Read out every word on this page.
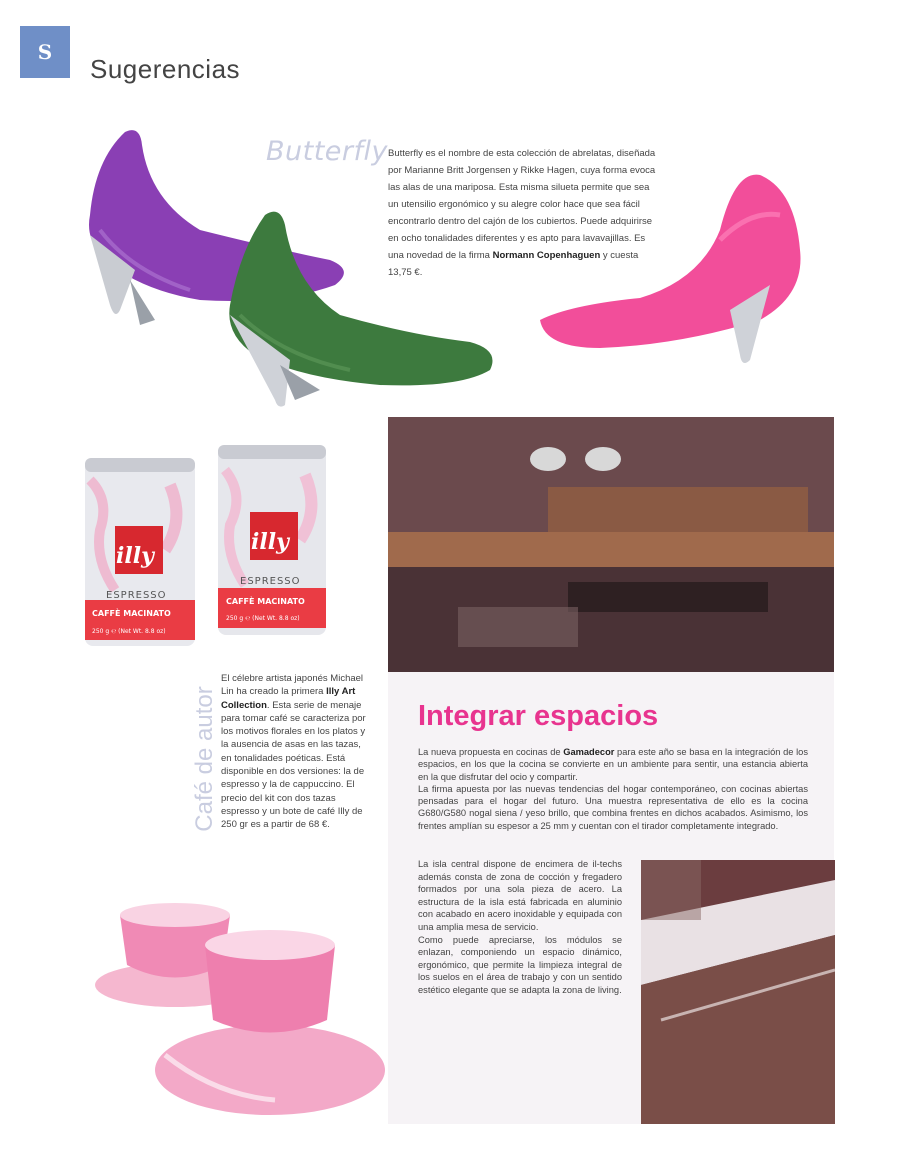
S
Sugerencias
Butterfly Butterfly es el nombre de esta colección de abrelatas, diseñada por Marianne Britt Jorgensen y Rikke Hagen, cuya forma evoca las alas de una mariposa. Esta misma silueta permite que sea un utensilio ergonómico y su alegre color hace que sea fácil encontrarlo dentro del cajón de los cubiertos. Puede adquirirse en ocho tonalidades diferentes y es apto para lavavajillas. Es una novedad de la firma Normann Copenhaguen y cuesta 13,75 €.
illy
illy
ESPRESSO
ESPRESSO
CAFFÈ MACINATO
CAFFÈ MACINATO
250 g ℮ (Net Wt. 8.8 oz)
250 g ℮ (Net Wt. 8.8 oz)
Café de autor
El célebre artista japonés Michael Lin ha creado la primera Illy Art Collection. Esta serie de menaje para tomar café se caracteriza por los motivos florales en los platos y la ausencia de asas en las tazas, en tonalidades poéticas. Está disponible en dos versiones: la de espresso y la de cappuccino. El precio del kit con dos tazas espresso y un bote de café Illy de 250 gr es a partir de 68 €.
Integrar espacios
La nueva propuesta en cocinas de Gamadecor para este año se basa en la integración de los espacios, en los que la cocina se convierte en un ambiente para sentir, una estancia abierta en la que disfrutar del ocio y compartir.
La firma apuesta por las nuevas tendencias del hogar contemporáneo, con cocinas abiertas pensadas para el hogar del futuro. Una muestra representativa de ello es la cocina G680/G580 nogal siena / yeso brillo, que combina frentes en dichos acabados. Asimismo, los frentes amplían su espesor a 25 mm y cuentan con el tirador completamente integrado.
La isla central dispone de encimera de il-techs además consta de zona de cocción y fregadero formados por una sola pieza de acero. La estructura de la isla está fabricada en aluminio con acabado en acero inoxidable y equipada con una amplia mesa de servicio.
Como puede apreciarse, los módulos se enlazan, componiendo un espacio dinámico, ergonómico, que permite la limpieza integral de los suelos en el área de trabajo y con un sentido estético elegante que se adapta la zona de living.
